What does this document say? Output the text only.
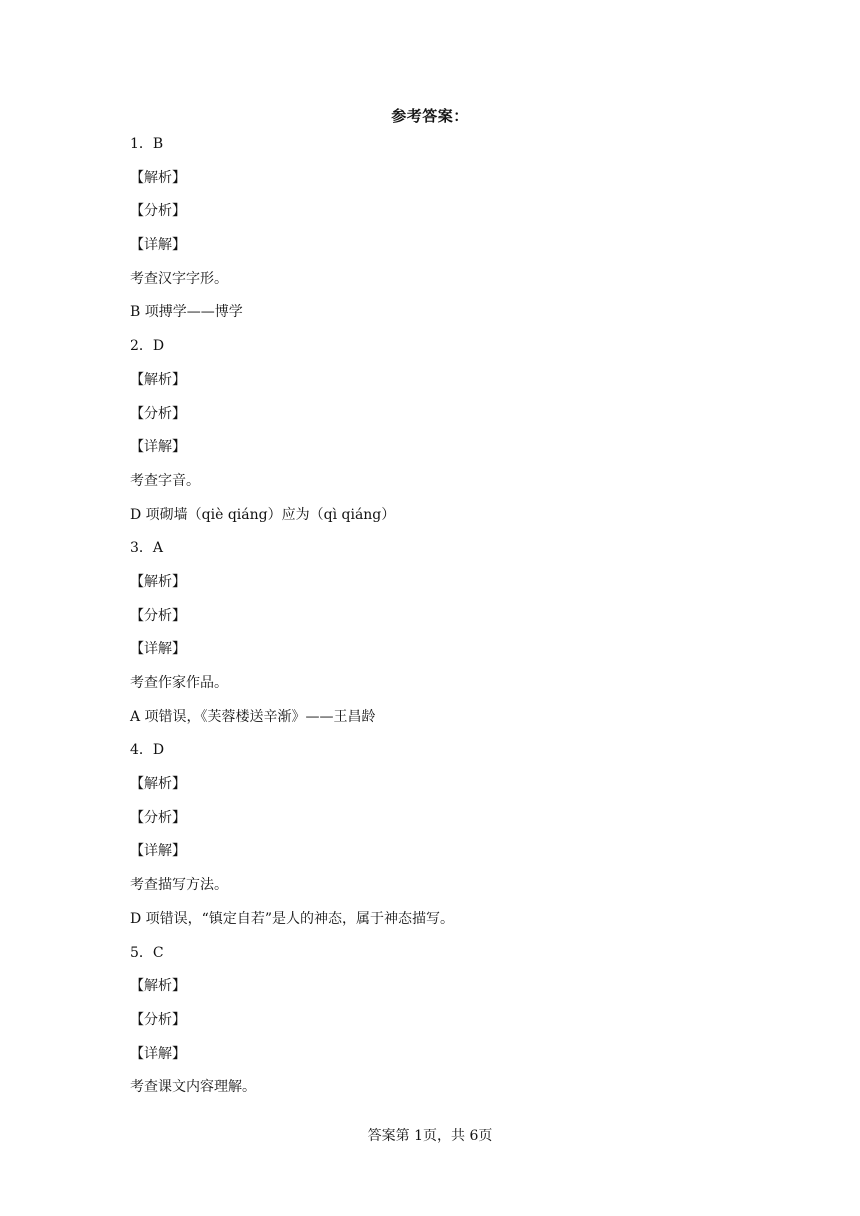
参考答案：
1．B
【解析】
【分析】
【详解】
考查汉字字形。
B 项搏学——博学
2．D
【解析】
【分析】
【详解】
考查字音。
D 项砌墙（qiè qiáng）应为（qì qiáng）
3．A
【解析】
【分析】
【详解】
考查作家作品。
A 项错误，《芙蓉楼送辛渐》——王昌龄
4．D
【解析】
【分析】
【详解】
考查描写方法。
D 项错误，“镇定自若”是人的神态，属于神态描写。
5．C
【解析】
【分析】
【详解】
考查课文内容理解。
答案第 1页，共 6页
